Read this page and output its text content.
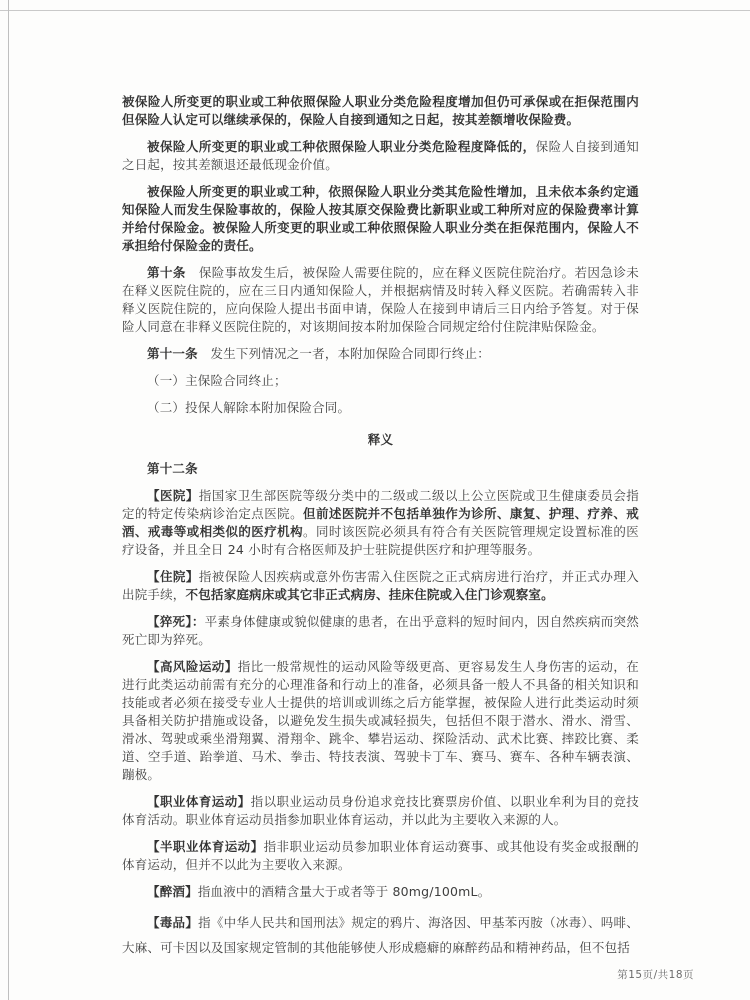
被保险人所变更的职业或工种依照保险人职业分类危险程度增加但仍可承保或在拒保范围内但保险人认定可以继续承保的，保险人自接到通知之日起，按其差额增收保险费。

被保险人所变更的职业或工种依照保险人职业分类危险程度降低的，保险人自接到通知之日起，按其差额退还最低现金价值。

被保险人所变更的职业或工种，依照保险人职业分类其危险性增加，且未依本条约定通知保险人而发生保险事故的，保险人按其原交保险费比新职业或工种所对应的保险费率计算并给付保险金。被保险人所变更的职业或工种依照保险人职业分类在拒保范围内，保险人不承担给付保险金的责任。

第十条　保险事故发生后，被保险人需要住院的，应在释义医院住院治疗。若因急诊未在释义医院住院的，应在三日内通知保险人，并根据病情及时转入释义医院。若确需转入非释义医院住院的，应向保险人提出书面申请，保险人在接到申请后三日内给予答复。对于保险人同意在非释义医院住院的，对该期间按本附加保险合同规定给付住院津贴保险金。

第十一条　发生下列情况之一者，本附加保险合同即行终止：

（一）主保险合同终止；

（二）投保人解除本附加保险合同。

释义

第十二条

【医院】指国家卫生部医院等级分类中的二级或二级以上公立医院或卫生健康委员会指定的特定传染病诊治定点医院。但前述医院并不包括单独作为诊所、康复、护理、疗养、戒酒、戒毒等或相类似的医疗机构。同时该医院必须具有符合有关医院管理规定设置标准的医疗设备，并且全日 24 小时有合格医师及护士驻院提供医疗和护理等服务。

【住院】指被保险人因疾病或意外伤害需入住医院之正式病房进行治疗，并正式办理入出院手续，不包括家庭病床或其它非正式病房、挂床住院或入住门诊观察室。

【猝死】：平素身体健康或貌似健康的患者，在出乎意料的短时间内，因自然疾病而突然死亡即为猝死。

【高风险运动】指比一般常规性的运动风险等级更高、更容易发生人身伤害的运动，在进行此类运动前需有充分的心理准备和行动上的准备，必须具备一般人不具备的相关知识和技能或者必须在接受专业人士提供的培训或训练之后方能掌握，被保险人进行此类运动时须具备相关防护措施或设备，以避免发生损失或减轻损失，包括但不限于潜水、滑水、滑雪、滑冰、驾驶或乘坐滑翔翼、滑翔伞、跳伞、攀岩运动、探险活动、武术比赛、摔跤比赛、柔道、空手道、跆拳道、马术、拳击、特技表演、驾驶卡丁车、赛马、赛车、各种车辆表演、蹦极。

【职业体育运动】指以职业运动员身份追求竞技比赛票房价值、以职业牟利为目的竞技体育活动。职业体育运动员指参加职业体育运动，并以此为主要收入来源的人。

【半职业体育运动】指非职业运动员参加职业体育运动赛事、或其他设有奖金或报酬的体育运动，但并不以此为主要收入来源。

【醉酒】指血液中的酒精含量大于或者等于 80mg/100mL。

【毒品】指《中华人民共和国刑法》规定的鸦片、海洛因、甲基苯丙胺（冰毒）、吗啡、大麻、可卡因以及国家规定管制的其他能够使人形成瘾癖的麻醉药品和精神药品，但不包括

第15页/共18页
